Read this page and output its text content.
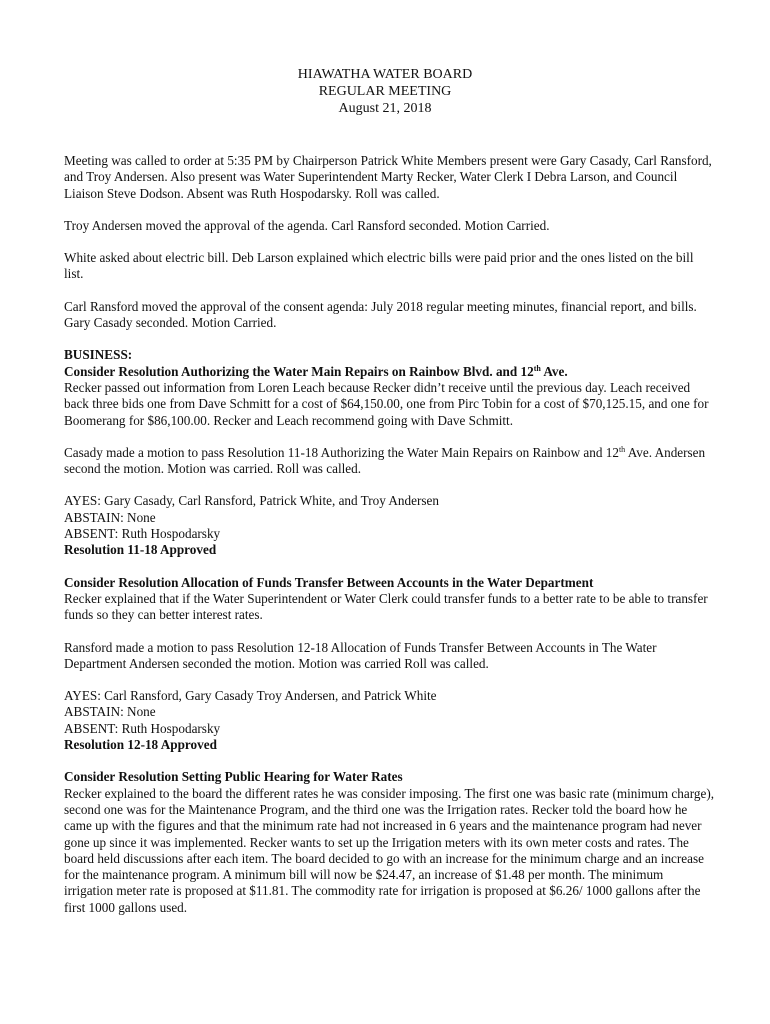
HIAWATHA WATER BOARD
REGULAR MEETING
August 21, 2018

Meeting was called to order at 5:35 PM by Chairperson Patrick White Members present were Gary Casady, Carl Ransford, and Troy Andersen. Also present was Water Superintendent Marty Recker, Water Clerk I Debra Larson, and Council Liaison Steve Dodson. Absent was Ruth Hospodarsky. Roll was called.

Troy Andersen moved the approval of the agenda. Carl Ransford seconded. Motion Carried.

White asked about electric bill. Deb Larson explained which electric bills were paid prior and the ones listed on the bill list.

Carl Ransford moved the approval of the consent agenda: July 2018 regular meeting minutes, financial report, and bills. Gary Casady seconded. Motion Carried.

BUSINESS:
Consider Resolution Authorizing the Water Main Repairs on Rainbow Blvd. and 12th Ave.
Recker passed out information from Loren Leach because Recker didn’t receive until the previous day. Leach received back three bids one from Dave Schmitt for a cost of $64,150.00, one from Pirc Tobin for a cost of $70,125.15, and one for Boomerang for $86,100.00. Recker and Leach recommend going with Dave Schmitt.

Casady made a motion to pass Resolution 11-18 Authorizing the Water Main Repairs on Rainbow and 12th Ave. Andersen second the motion. Motion was carried. Roll was called.

AYES: Gary Casady, Carl Ransford, Patrick White, and Troy Andersen
ABSTAIN: None
ABSENT: Ruth Hospodarsky
Resolution 11-18 Approved
Consider Resolution Allocation of Funds Transfer Between Accounts in the Water Department
Recker explained that if the Water Superintendent or Water Clerk could transfer funds to a better rate to be able to transfer funds so they can better interest rates.

Ransford made a motion to pass Resolution 12-18 Allocation of Funds Transfer Between Accounts in The Water Department Andersen seconded the motion. Motion was carried Roll was called.

AYES: Carl Ransford, Gary Casady Troy Andersen, and Patrick White
ABSTAIN: None
ABSENT: Ruth Hospodarsky
Resolution 12-18 Approved
Consider Resolution Setting Public Hearing for Water Rates
Recker explained to the board the different rates he was consider imposing. The first one was basic rate (minimum charge), second one was for the Maintenance Program, and the third one was the Irrigation rates. Recker told the board how he came up with the figures and that the minimum rate had not increased in 6 years and the maintenance program had never gone up since it was implemented. Recker wants to set up the Irrigation meters with its own meter costs and rates. The board held discussions after each item. The board decided to go with an increase for the minimum charge and an increase for the maintenance program. A minimum bill will now be $24.47, an increase of $1.48 per month. The minimum irrigation meter rate is proposed at $11.81. The commodity rate for irrigation is proposed at $6.26/ 1000 gallons after the first 1000 gallons used.
